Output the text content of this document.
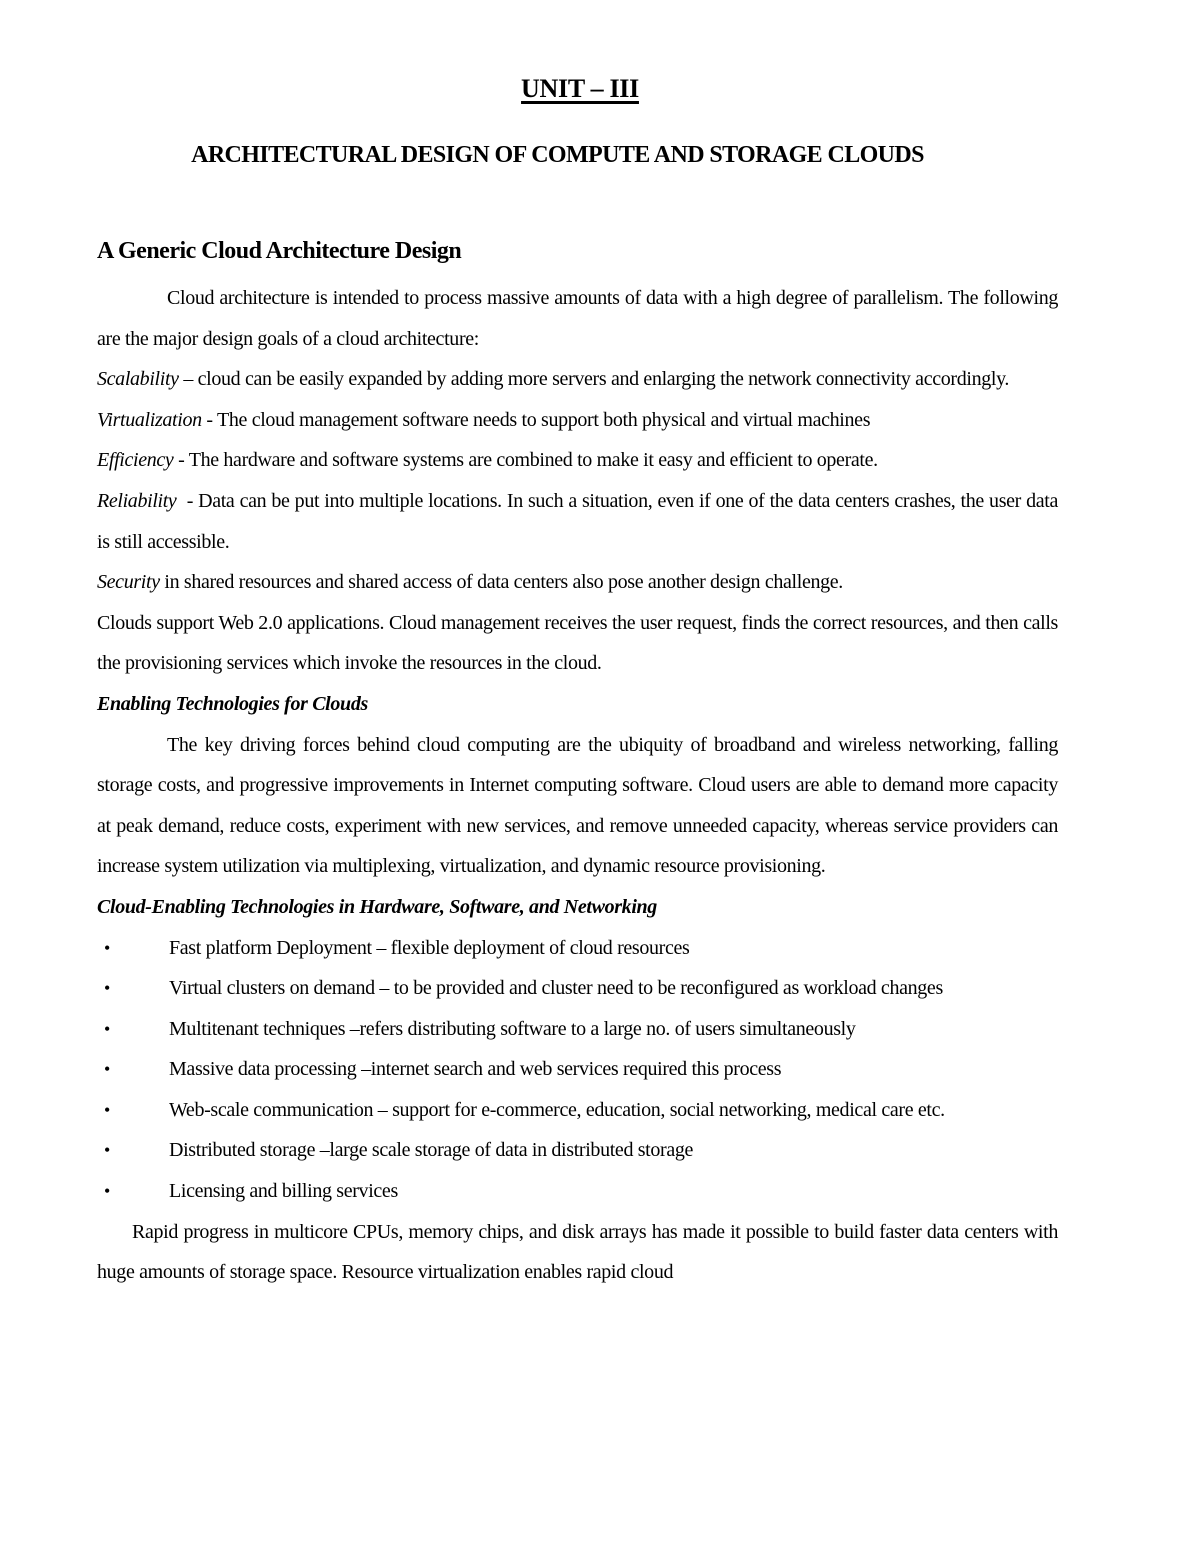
UNIT – III
ARCHITECTURAL DESIGN OF COMPUTE AND STORAGE CLOUDS
A Generic Cloud Architecture Design

Cloud architecture is intended to process massive amounts of data with a high degree of parallelism. The following are the major design goals of a cloud architecture:

Scalability – cloud can be easily expanded by adding more servers and enlarging the network connectivity accordingly.

Virtualization - The cloud management software needs to support both physical and virtual machines

Efficiency - The hardware and software systems are combined to make it easy and efficient to operate.

Reliability  - Data can be put into multiple locations. In such a situation, even if one of the data centers crashes, the user data is still accessible.

Security in shared resources and shared access of data centers also pose another design challenge.

Clouds support Web 2.0 applications. Cloud management receives the user request, finds the correct resources, and then calls the provisioning services which invoke the resources in the cloud.

Enabling Technologies for Clouds

The key driving forces behind cloud computing are the ubiquity of broadband and wireless networking, falling storage costs, and progressive improvements in Internet computing software. Cloud users are able to demand more capacity at peak demand, reduce costs, experiment with new services, and remove unneeded capacity, whereas service providers can increase system utilization via multiplexing, virtualization, and dynamic resource provisioning.

Cloud-Enabling Technologies in Hardware, Software, and Networking

•	Fast platform Deployment – flexible deployment of cloud resources
•	Virtual clusters on demand – to be provided and cluster need to be reconfigured as workload changes
•	Multitenant techniques –refers distributing software to a large no. of users simultaneously
•	Massive data processing –internet search and web services required this process
•	Web-scale communication – support for e-commerce, education, social networking, medical care etc.
•	Distributed storage –large scale storage of data in distributed storage
•	Licensing and billing services

Rapid progress in multicore CPUs, memory chips, and disk arrays has made it possible to build faster data centers with huge amounts of storage space. Resource virtualization enables rapid cloud
